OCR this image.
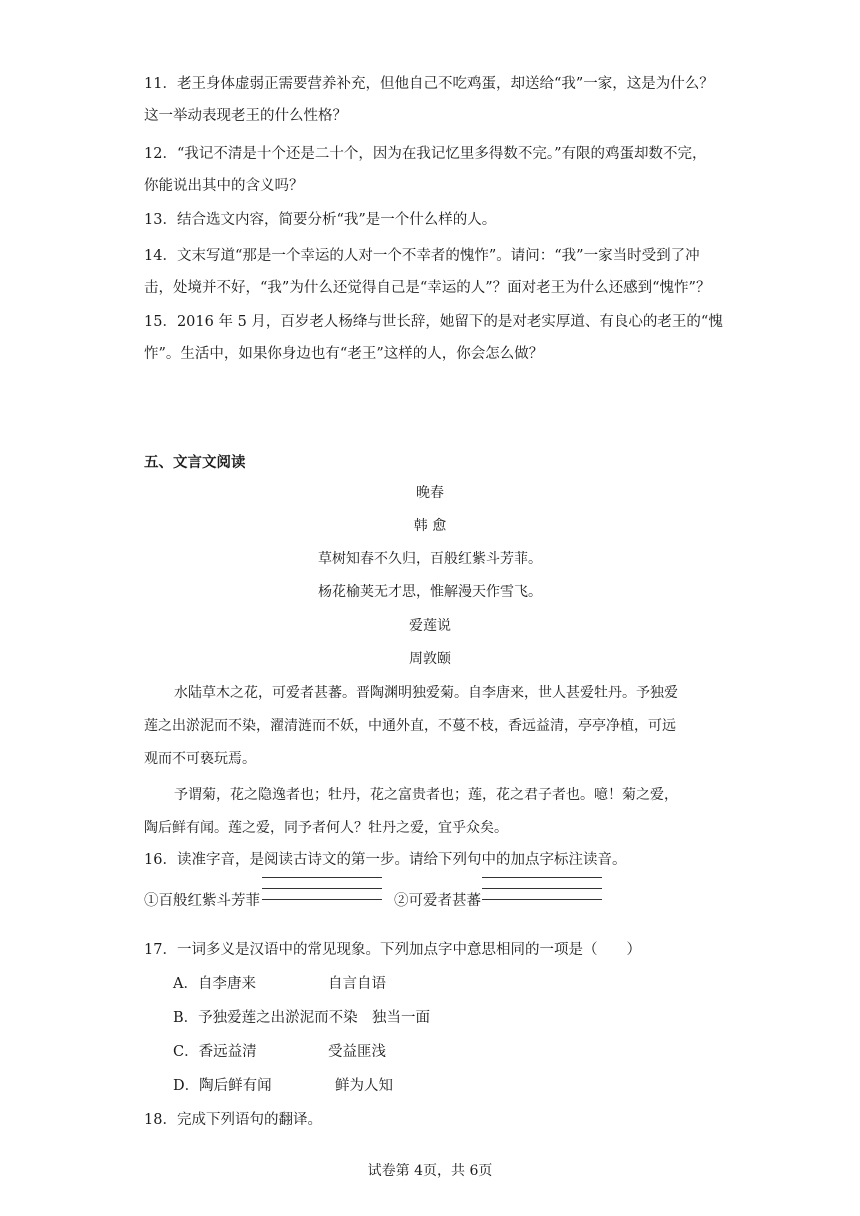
11．老王身体虚弱正需要营养补充，但他自己不吃鸡蛋，却送给“我”一家，这是为什么？
这一举动表现老王的什么性格？
12．“我记不清是十个还是二十个，因为在我记忆里多得数不完。”有限的鸡蛋却数不完，
你能说出其中的含义吗？
13．结合选文内容，简要分析“我”是一个什么样的人。
14．文末写道“那是一个幸运的人对一个不幸者的愧怍”。请问：“我”一家当时受到了冲
击，处境并不好，“我”为什么还觉得自己是“幸运的人”？面对老王为什么还感到“愧怍”？
15．2016 年 5 月，百岁老人杨绛与世长辞，她留下的是对老实厚道、有良心的老王的“愧
怍”。生活中，如果你身边也有“老王”这样的人，你会怎么做？
五、文言文阅读
晚春
韩 愈
草树知春不久归，百般红紫斗芳菲。
杨花榆荚无才思，惟解漫天作雪飞。
爱莲说
周敦颐
水陆草木之花，可爱者甚蕃。晋陶渊明独爱菊。自李唐来，世人甚爱牡丹。予独爱
莲之出淤泥而不染，濯清涟而不妖，中通外直，不蔓不枝，香远益清，亭亭净植，可远
观而不可亵玩焉。
予谓菊，花之隐逸者也；牡丹，花之富贵者也；莲，花之君子者也。噫！菊之爱，
陶后鲜有闻。莲之爱，同予者何人？牡丹之爱，宜乎众矣。
16．读准字音，是阅读古诗文的第一步。请给下列句中的加点字标注读音。
①百般红紫斗芳菲	②可爱者甚蕃
17．一词多义是汉语中的常见现象。下列加点字中意思相同的一项是（　　）
A．自李唐来	自言自语
B．予独爱莲之出淤泥而不染 独当一面
C．香远益清	受益匪浅
D．陶后鲜有闻	鲜为人知
18．完成下列语句的翻译。
试卷第 4页，共 6页
